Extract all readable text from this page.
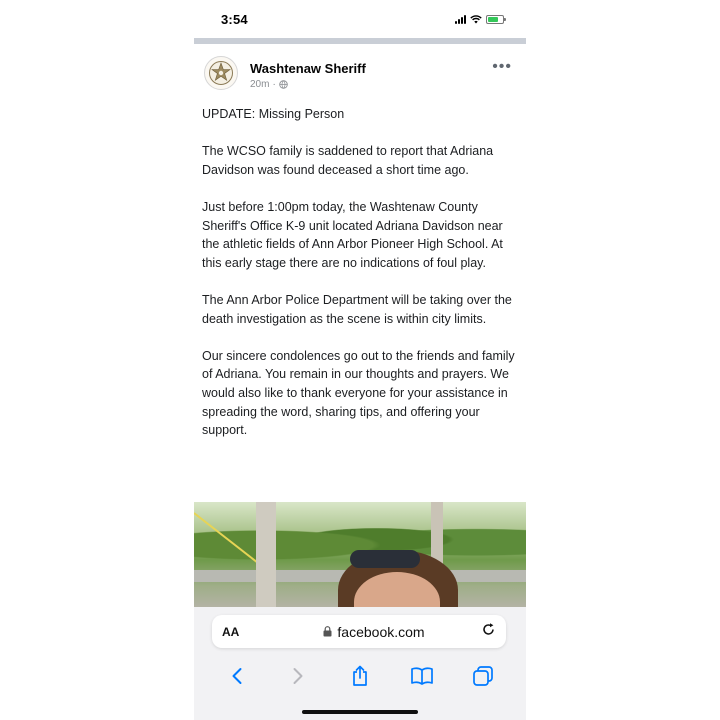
3:54
Washtenaw Sheriff
20m ·
•••

UPDATE: Missing Person

The WCSO family is saddened to report that Adriana Davidson was found deceased a short time ago.

Just before 1:00pm today, the Washtenaw County Sheriff's Office K-9 unit located Adriana Davidson near the athletic fields of Ann Arbor Pioneer High School. At this early stage there are no indications of foul play.

The Ann Arbor Police Department will be taking over the death investigation as the scene is within city limits.

Our sincere condolences go out to the friends and family of Adriana. You remain in our thoughts and prayers. We would also like to thank everyone for your assistance in spreading the word, sharing tips, and offering your support.

AA	facebook.com
